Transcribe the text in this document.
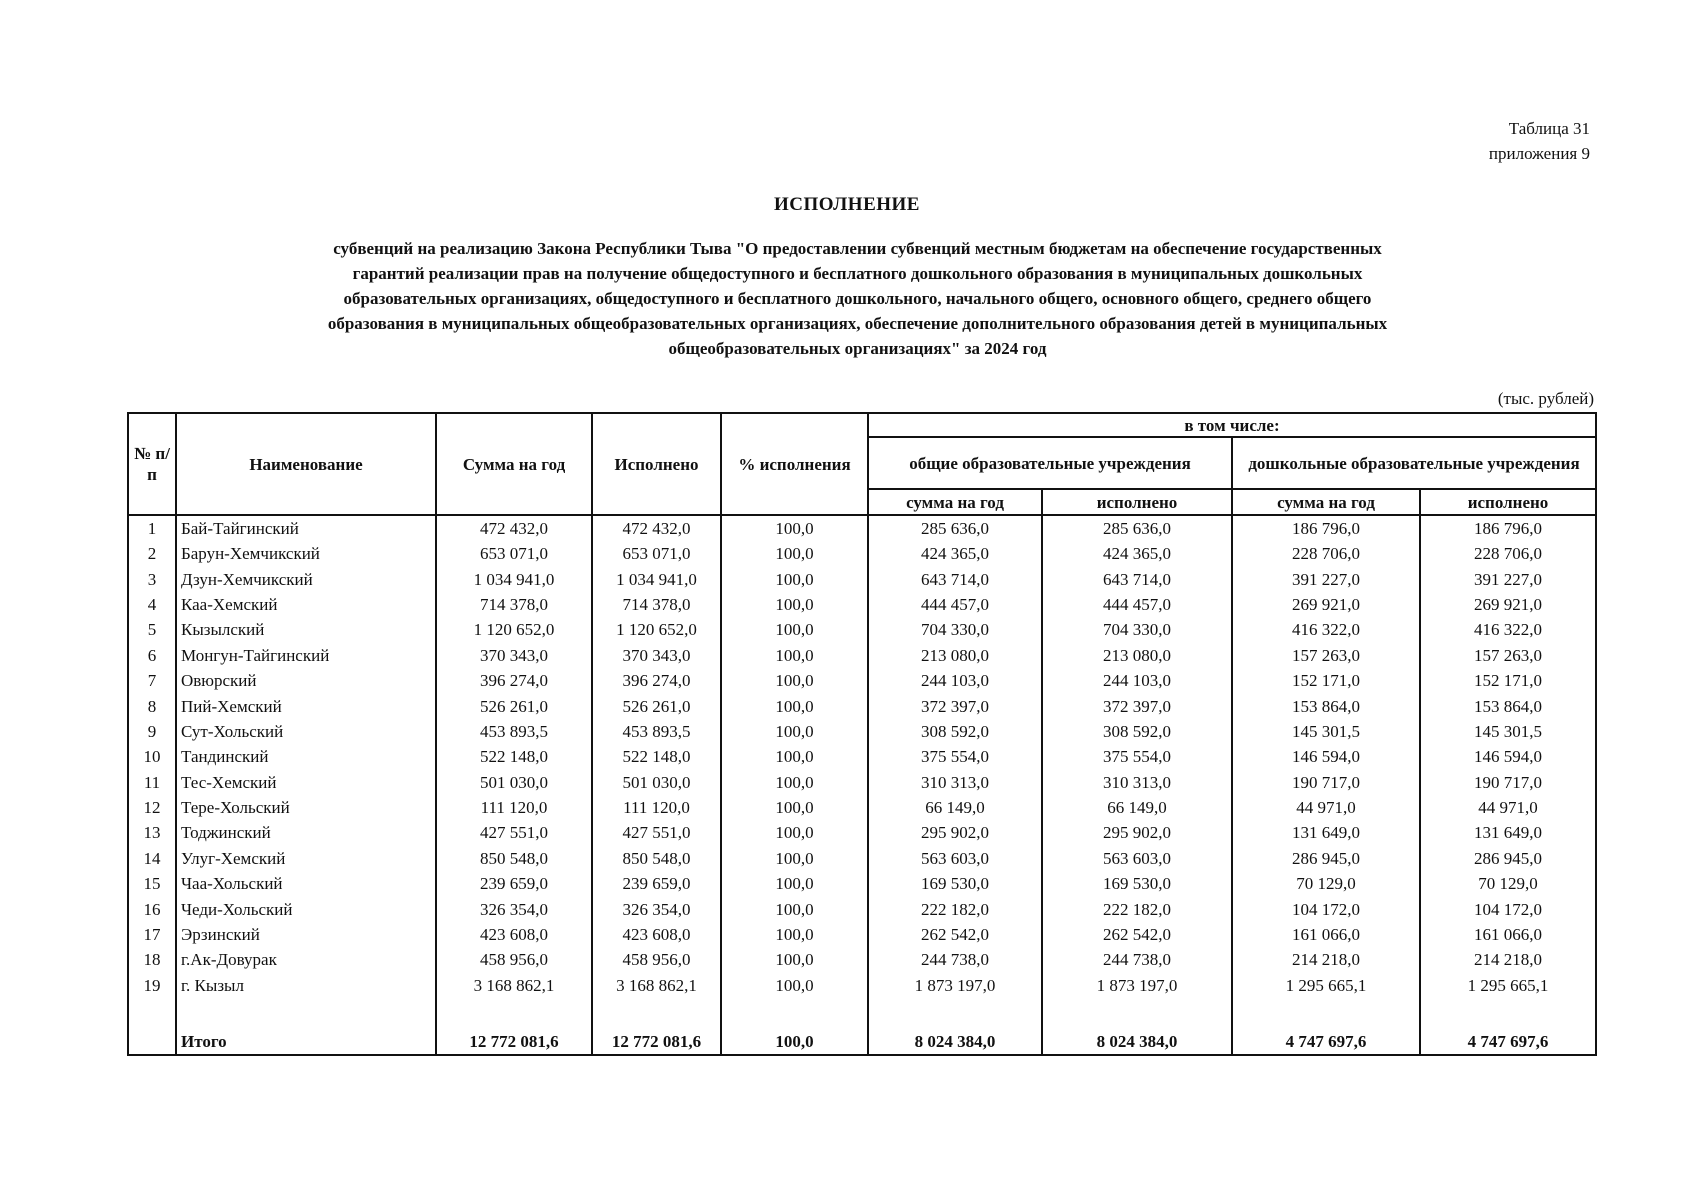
Таблица 31
приложения 9
ИСПОЛНЕНИЕ
субвенций на реализацию Закона Республики Тыва "О предоставлении субвенций местным бюджетам на обеспечение государственных гарантий реализации прав на получение общедоступного и бесплатного дошкольного образования в муниципальных дошкольных образовательных организациях, общедоступного и бесплатного дошкольного, начального общего, основного общего, среднего общего образования в муниципальных общеобразовательных организациях, обеспечение дополнительного образования детей в муниципальных общеобразовательных организациях" за 2024 год
(тыс. рублей)
№ п/п	Наименование	Сумма на год	Исполнено	% исполнения	в том числе:			
					общие образовательные учреждения		дошкольные образовательные учреждения	
					сумма на год	исполнено	сумма на год	исполнено
1	Бай-Тайгинский	472 432,0	472 432,0	100,0	285 636,0	285 636,0	186 796,0	186 796,0
2	Барун-Хемчикский	653 071,0	653 071,0	100,0	424 365,0	424 365,0	228 706,0	228 706,0
3	Дзун-Хемчикский	1 034 941,0	1 034 941,0	100,0	643 714,0	643 714,0	391 227,0	391 227,0
4	Каа-Хемский	714 378,0	714 378,0	100,0	444 457,0	444 457,0	269 921,0	269 921,0
5	Кызылский	1 120 652,0	1 120 652,0	100,0	704 330,0	704 330,0	416 322,0	416 322,0
6	Монгун-Тайгинский	370 343,0	370 343,0	100,0	213 080,0	213 080,0	157 263,0	157 263,0
7	Овюрский	396 274,0	396 274,0	100,0	244 103,0	244 103,0	152 171,0	152 171,0
8	Пий-Хемский	526 261,0	526 261,0	100,0	372 397,0	372 397,0	153 864,0	153 864,0
9	Сут-Хольский	453 893,5	453 893,5	100,0	308 592,0	308 592,0	145 301,5	145 301,5
10	Тандинский	522 148,0	522 148,0	100,0	375 554,0	375 554,0	146 594,0	146 594,0
11	Тес-Хемский	501 030,0	501 030,0	100,0	310 313,0	310 313,0	190 717,0	190 717,0
12	Тере-Хольский	111 120,0	111 120,0	100,0	66 149,0	66 149,0	44 971,0	44 971,0
13	Тоджинский	427 551,0	427 551,0	100,0	295 902,0	295 902,0	131 649,0	131 649,0
14	Улуг-Хемский	850 548,0	850 548,0	100,0	563 603,0	563 603,0	286 945,0	286 945,0
15	Чаа-Хольский	239 659,0	239 659,0	100,0	169 530,0	169 530,0	70 129,0	70 129,0
16	Чеди-Хольский	326 354,0	326 354,0	100,0	222 182,0	222 182,0	104 172,0	104 172,0
17	Эрзинский	423 608,0	423 608,0	100,0	262 542,0	262 542,0	161 066,0	161 066,0
18	г.Ак-Довурак	458 956,0	458 956,0	100,0	244 738,0	244 738,0	214 218,0	214 218,0
19	г. Кызыл	3 168 862,1	3 168 862,1	100,0	1 873 197,0	1 873 197,0	1 295 665,1	1 295 665,1

	Итого	12 772 081,6	12 772 081,6	100,0	8 024 384,0	8 024 384,0	4 747 697,6	4 747 697,6
